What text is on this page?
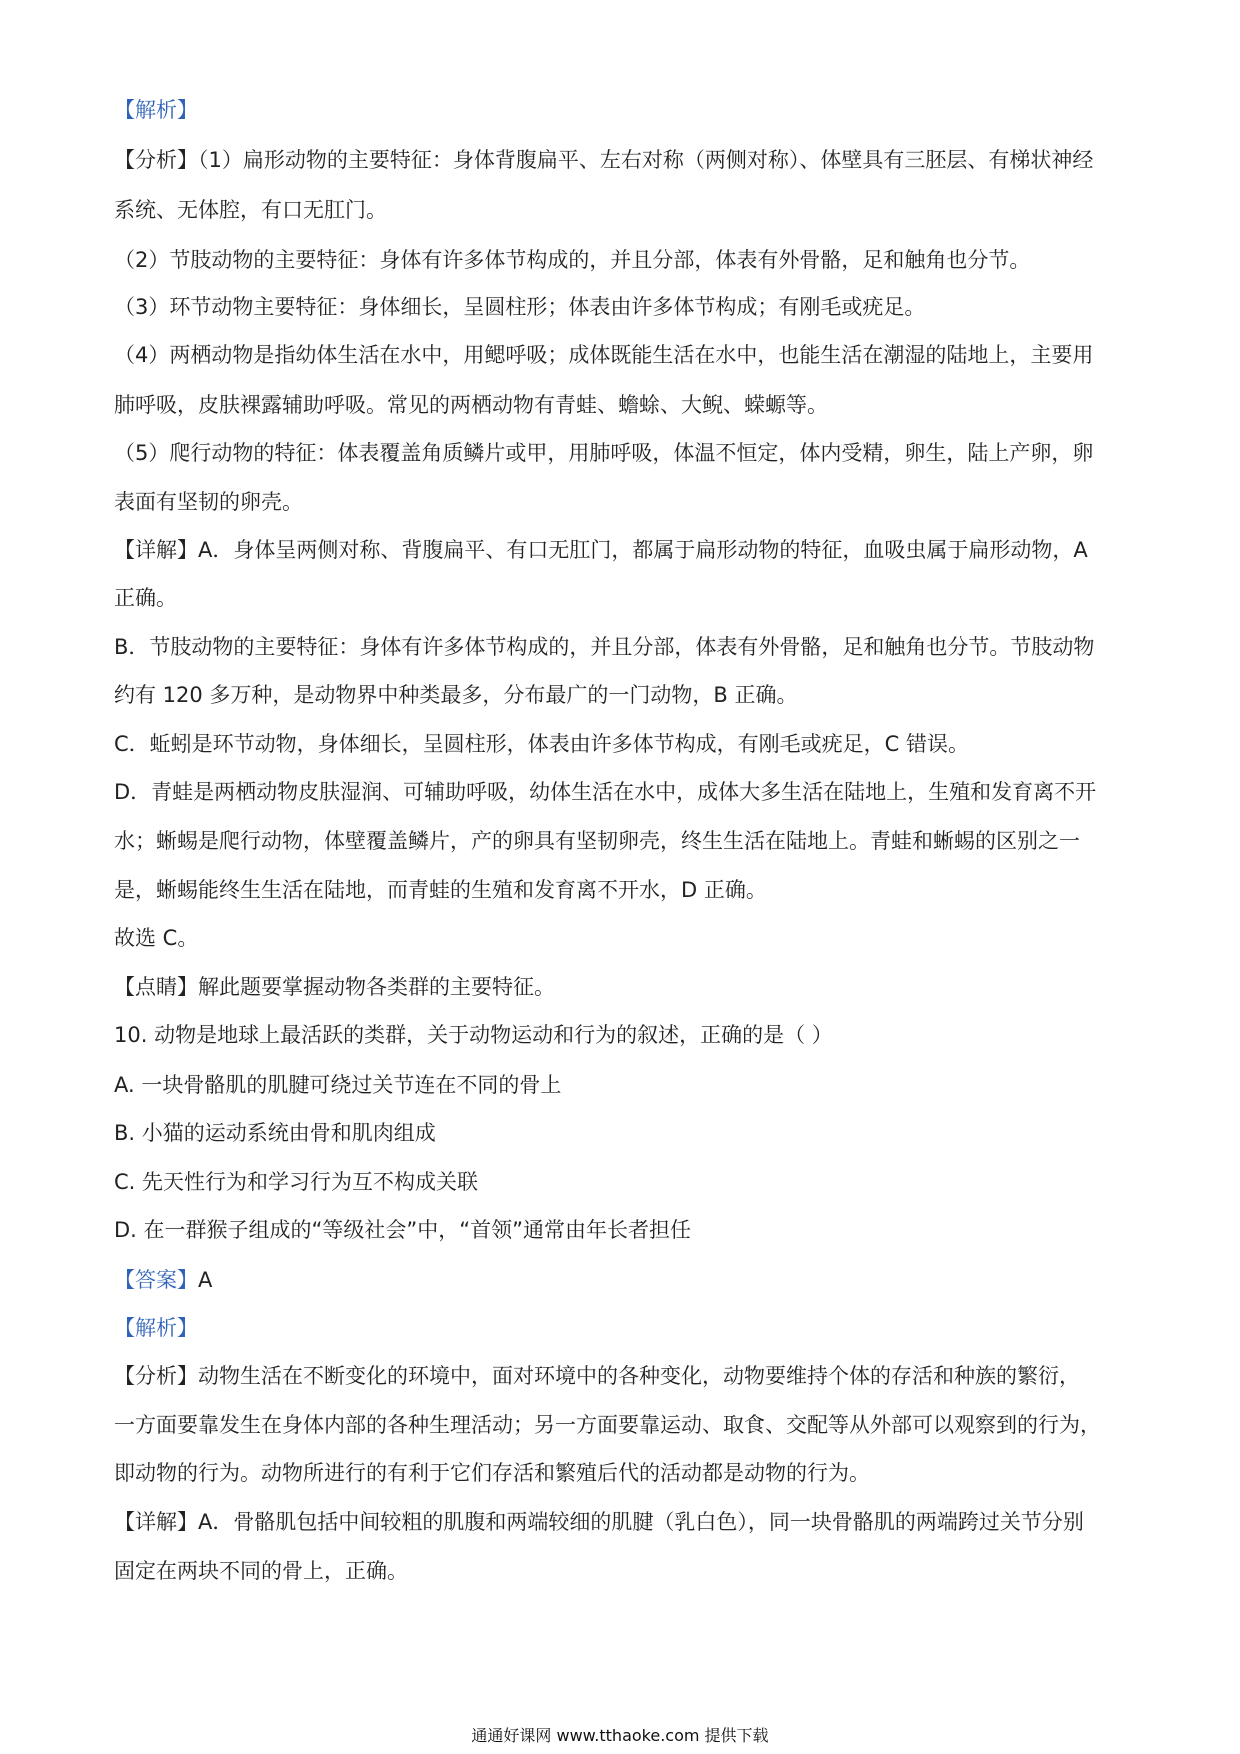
【解析】
【分析】（1）扁形动物的主要特征：身体背腹扁平、左右对称（两侧对称）、体壁具有三胚层、有梯状神经
系统、无体腔，有口无肛门。
（2）节肢动物的主要特征：身体有许多体节构成的，并且分部，体表有外骨骼，足和触角也分节。
（3）环节动物主要特征：身体细长，呈圆柱形；体表由许多体节构成；有刚毛或疣足。
（4）两栖动物是指幼体生活在水中，用鳃呼吸；成体既能生活在水中，也能生活在潮湿的陆地上，主要用
肺呼吸，皮肤裸露辅助呼吸。常见的两栖动物有青蛙、蟾蜍、大鲵、蝾螈等。
（5）爬行动物的特征：体表覆盖角质鳞片或甲，用肺呼吸，体温不恒定，体内受精，卵生，陆上产卵，卵
表面有坚韧的卵壳。
【详解】A．身体呈两侧对称、背腹扁平、有口无肛门，都属于扁形动物的特征，血吸虫属于扁形动物，A
正确。
B．节肢动物的主要特征：身体有许多体节构成的，并且分部，体表有外骨骼，足和触角也分节。节肢动物
约有 120 多万种，是动物界中种类最多，分布最广的一门动物，B 正确。
C．蚯蚓是环节动物，身体细长，呈圆柱形，体表由许多体节构成，有刚毛或疣足，C 错误。
D．青蛙是两栖动物皮肤湿润、可辅助呼吸，幼体生活在水中，成体大多生活在陆地上，生殖和发育离不开
水；蜥蜴是爬行动物，体壁覆盖鳞片，产的卵具有坚韧卵壳，终生生活在陆地上。青蛙和蜥蜴的区别之一
是，蜥蜴能终生生活在陆地，而青蛙的生殖和发育离不开水，D 正确。
故选 C。
【点睛】解此题要掌握动物各类群的主要特征。
10. 动物是地球上最活跃的类群，关于动物运动和行为的叙述，正确的是（ ）
A. 一块骨骼肌的肌腱可绕过关节连在不同的骨上
B. 小猫的运动系统由骨和肌肉组成
C. 先天性行为和学习行为互不构成关联
D. 在一群猴子组成的“等级社会”中，“首领”通常由年长者担任
【答案】A
【解析】
【分析】动物生活在不断变化的环境中，面对环境中的各种变化，动物要维持个体的存活和种族的繁衍，
一方面要靠发生在身体内部的各种生理活动；另一方面要靠运动、取食、交配等从外部可以观察到的行为，
即动物的行为。动物所进行的有利于它们存活和繁殖后代的活动都是动物的行为。
【详解】A．骨骼肌包括中间较粗的肌腹和两端较细的肌腱（乳白色），同一块骨骼肌的两端跨过关节分别
固定在两块不同的骨上，正确。
通通好课网 www.tthaoke.com 提供下载
